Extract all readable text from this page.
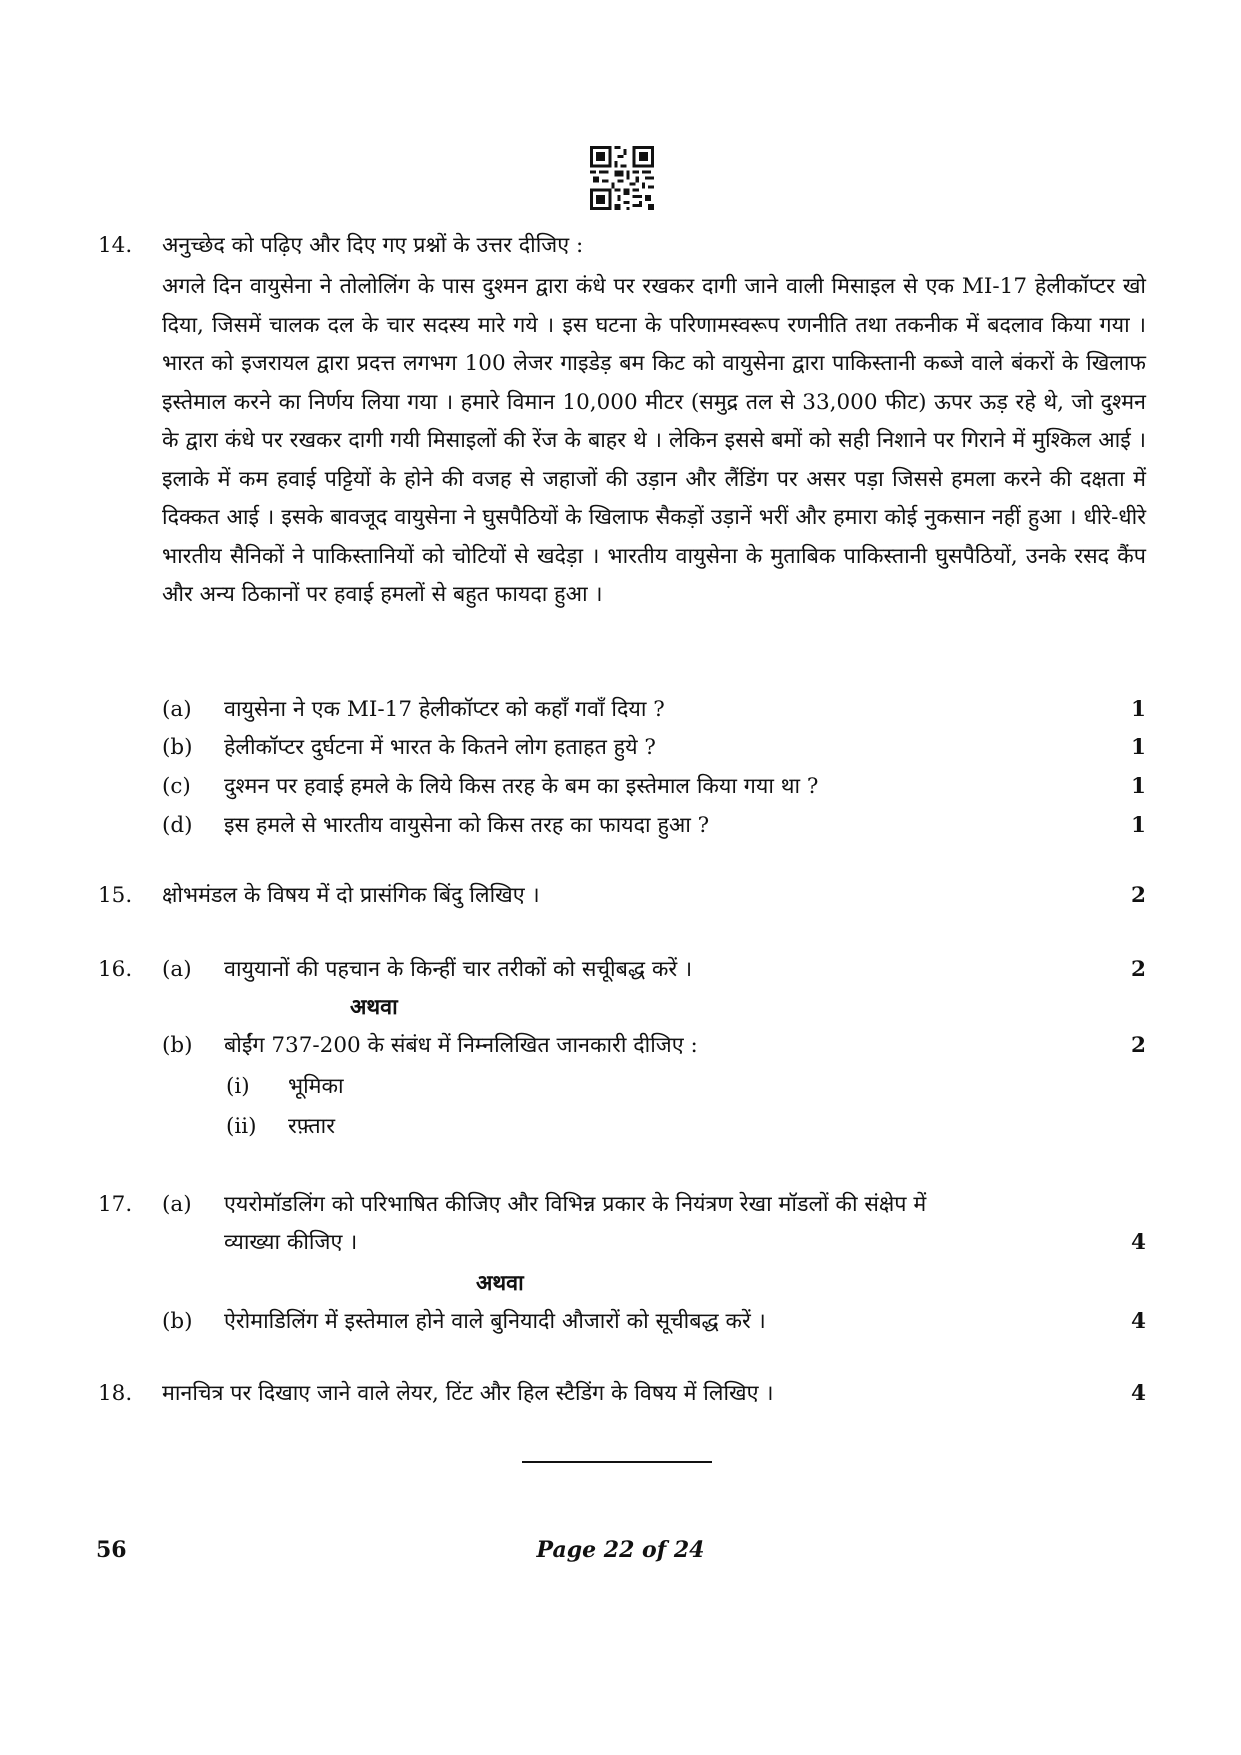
14. अनुच्छेद को पढ़िए और दिए गए प्रश्नों के उत्तर दीजिए :
अगले दिन वायुसेना ने तोलोलिंग के पास दुश्मन द्वारा कंधे पर रखकर दागी जाने वाली मिसाइल से एक MI-17 हेलीकॉप्टर खो दिया, जिसमें चालक दल के चार सदस्य मारे गये । इस घटना के परिणामस्वरूप रणनीति तथा तकनीक में बदलाव किया गया । भारत को इजरायल द्वारा प्रदत्त लगभग 100 लेजर गाइडेड़ बम किट को वायुसेना द्वारा पाकिस्तानी कब्जे वाले बंकरों के खिलाफ इस्तेमाल करने का निर्णय लिया गया । हमारे विमान 10,000 मीटर (समुद्र तल से 33,000 फीट) ऊपर ऊड़ रहे थे, जो दुश्मन के द्वारा कंधे पर रखकर दागी गयी मिसाइलों की रेंज के बाहर थे । लेकिन इससे बमों को सही निशाने पर गिराने में मुश्किल आई । इलाके में कम हवाई पट्टियों के होने की वजह से जहाजों की उड़ान और लैंडिंग पर असर पड़ा जिससे हमला करने की दक्षता में दिक्कत आई । इसके बावजूद वायुसेना ने घुसपैठियों के खिलाफ सैकड़ों उड़ानें भरीं और हमारा कोई नुकसान नहीं हुआ । धीरे-धीरे भारतीय सैनिकों ने पाकिस्तानियों को चोटियों से खदेड़ा । भारतीय वायुसेना के मुताबिक पाकिस्तानी घुसपैठियों, उनके रसद कैंप और अन्य ठिकानों पर हवाई हमलों से बहुत फायदा हुआ ।
(a) वायुसेना ने एक MI-17 हेलीकॉप्टर को कहाँ गवाँ दिया ?	1
(b) हेलीकॉप्टर दुर्घटना में भारत के कितने लोग हताहत हुये ?	1
(c) दुश्मन पर हवाई हमले के लिये किस तरह के बम का इस्तेमाल किया गया था ?	1
(d) इस हमले से भारतीय वायुसेना को किस तरह का फायदा हुआ ?	1
15. क्षोभमंडल के विषय में दो प्रासंगिक बिंदु लिखिए ।	2
16. (a) वायुयानों की पहचान के किन्हीं चार तरीकों को सचूीबद्ध करें ।	2
अथवा
(b) बोईंग 737-200 के संबंध में निम्नलिखित जानकारी दीजिए :	2
(i) भूमिका
(ii) रफ़्तार
17. (a) एयरोमॉडलिंग को परिभाषित कीजिए और विभिन्न प्रकार के नियंत्रण रेखा मॉडलों की संक्षेप में
व्याख्या कीजिए ।	4
अथवा
(b) ऐरोमाडिलिंग में इस्तेमाल होने वाले बुनियादी औजारों को सूचीबद्ध करें ।	4
18. मानचित्र पर दिखाए जाने वाले लेयर, टिंट और हिल स्टैडिंग के विषय में लिखिए ।	4
56	Page 22 of 24
